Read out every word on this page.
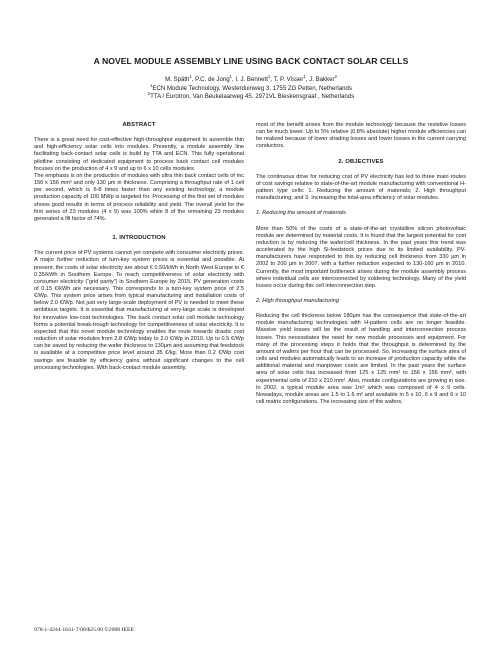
A NOVEL MODULE ASSEMBLY LINE USING BACK CONTACT SOLAR CELLS
M. Späth$^1$, P.C. de Jong$^1$, I. J. Bennett$^1$, T. P. Visser$^1$, J. Bakker$^2$
$^1$ECN Module Technology, Westerduinweg 3, 1755 ZG Petten, Netherlands
$^2$TTA / Eurotron, Van Beukelaarweg 45. 2971VL Bleskensgraaf , Netherlands
ABSTRACT

There is a great need for cost-effective high-throughput equipment to assemble thin and high-efficiency solar cells into modules. Presently, a module assembly line facilitating back-contact solar cells is build by TTA and ECN. This fully operational pilotline consisting of dedicated equipment to process back contact cell modules focuses on the production of 4 x 9 and up to 6 x 10 cells modules.

The emphasis is on the production of modules with ultra thin back contact cells of mc 156 x 156 mm² and only 130 µm in thickness. Comprising a throughput rate of 1 cell per second, which is 6-8 times faster than any existing technology, a module production capacity of 100 MWp is targeted for. Processing of the first set of modules shows good results in terms of process reliability and yield. The overall yield for the first series of 23 modules (4 x 9) was 100% while 8 of the remaining 23 modules generated a fill factor of 74%.

1. INTRODUCTION

The current price of PV systems cannot yet compete with consumer electricity prices. A major further reduction of turn-key system prices is essential and possible. At present, the costs of solar electricity are about € 0.50/kWh in North West Europe to € 0.35/kWh in Southern Europe. To reach competitiveness of solar electricity with consumer electricity (“grid parity”) in Southern Europe by 2015, PV generation costs of 0.15 €/kWh are necessary. This corresponds to a turn-key system price of 2.5 €/Wp. This system price arises from typical manufacturing and installation costs of below 2.0 €/Wp. Not just very large-scale deployment of PV is needed to meet these ambitious targets. It is essential that manufacturing at very-large scale is developed for innovative low-cost technologies. The back contact solar cell module technology forms a potential break-trough technology for competitiveness of solar electricity. It is expected that this novel module technology enables the route towards drastic cost reduction of solar modules from 2.8 €/Wp today to 2.0 €/Wp in 2010. Up to 0.5 €/Wp can be saved by reducing the wafer thickness to 130µm and assuming that feedstock is available at a competitive price level around 35 €/kg. More than 0.2 €/Wp cost savings are feasible by efficiency gains without significant changes to the cell processing technologies. With back-contact module assembly,

most of the benefit arises from the module technology because the resistive losses can be much lower. Up to 5% relative (0.8% absolute) higher module efficiencies can be realized because of lower shading losses and lower losses in the current carrying conductors.

2. OBJECTIVES

The continuous drive for reducing cost of PV electricity has led to three main routes of cost savings relative to state-of-the-art module manufacturing with conventional H-pattern type cells: 1. Reducing the amount of materials; 2. High throughput manufacturing; and 3. Increasing the total-area efficiency of solar modules.

1. Reducing the amount of materials

More than 50% of the costs of a state-of-the-art crystalline silicon photovoltaic module are determined by material costs. It is found that the largest potential for cost reduction is by reducing the wafer/cell thickness. In the past years this trend was accelerated by the high Si-feedstock prices due to its limited availability. PV-manufacturers have responded to this by reducing cell thickness from 330 µm in 2002 to 200 µm in 2007, with a further reduction expected to 130-160 µm in 2010. Currently, the most important bottleneck arises during the module assembly process where individual cells are interconnected by soldering technology. Many of the yield losses occur during this cell interconnection step.

2. High throughput manufacturing

Reducing the cell thickness below 180µm has the consequence that state-of-the-art module manufacturing technologies with H-pattern cells are no longer feasible. Massive yield losses will be the result of handling and interconnection process losses. This necessitates the need for new module processes and equipment. For many of the processing steps it holds that the throughput is determined by the amount of wafers per hour that can be processed. So, increasing the surface area of cells and modules automatically leads to an increase of production capacity while the additional material and manpower costs are limited. In the past years the surface area of solar cells has increased from 125 x 125 mm² to 156 x 156 mm², with experimental cells of 210 x 210 mm². Also, module configurations are growing in size. In 2002, a typical module area was 1m² which was composed of 4 x 9 cells. Nowadays, module areas are 1.5 to 1.6 m² and available in 5 x 10, 6 x 9 and 6 x 10 cell matrix configurations. The increasing size of the wafers,

978-1-4244-1641-7/08/$25.00 ©2008 IEEE
